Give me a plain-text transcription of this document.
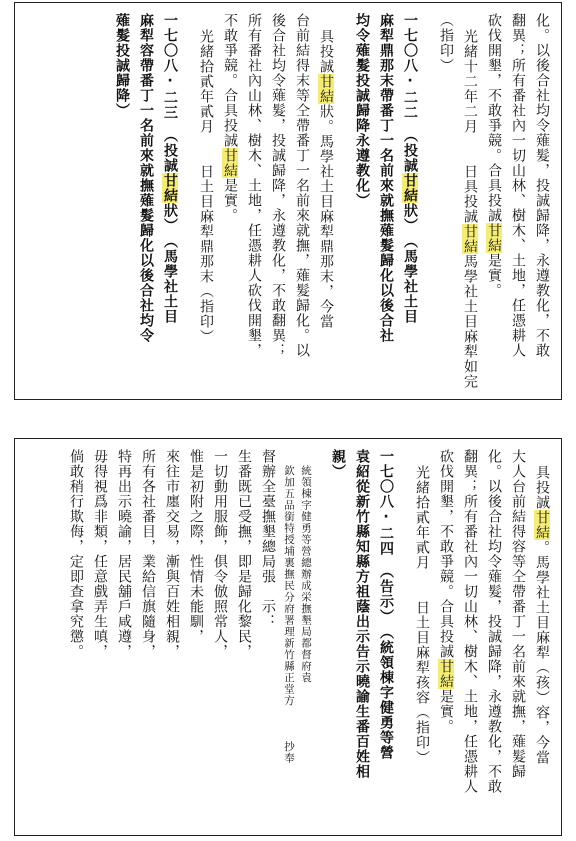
化。以後合社均令薙髮，投誠歸降，永遵教化，不敢
翻異；所有番社內一切山林、樹木、土地，任憑耕人
砍伐開墾，不敢爭競。合具投誠甘結是實。
光緒十二年二月　　日具投誠甘結馬學社土目麻犁如完
（指印）
一七〇八‧二二　（投誠甘結狀）　（馬學社土目
麻犁鼎那末帶番丁一名前來就撫薙髮歸化以後合社
均令薙髮投誠歸降永遵教化）
具投誠甘結狀。馬學社土目麻犁鼎那末，今當
台前結得末等仝帶番丁一名前來就撫，薙髮歸化。以
後合社均令薙髮，投誠歸降，永遵教化，不敢翻異；
所有番社內山林、樹木、土地，任憑耕人砍伐開墾，
不敢爭競。合具投誠甘結是實。
光緒拾貳年貳月　　日土目麻犁鼎那末（指印）
一七〇八‧二三　（投誠甘結狀）　（馬學社土目
麻犁容帶番丁一名前來就撫薙髮歸化以後合社均令
薙髮投誠歸降）
具投誠甘結。馬學社土目麻犁（孩）容，今當
大人台前結得容等仝帶番丁一名前來就撫，薙髮歸
化。以後合社均令薙髮，投誠歸降，永遵教化，不敢
翻異；所有番社內一切山林、樹木、土地，任憑耕人
砍伐開墾，不敢爭競。合具投誠甘結是實。
光緒拾貳年貳月　　日土目麻犁孩容（指印）
一七〇八‧二四　（告示）　（統領棟字健勇等營
袁紹從新竹縣知縣方祖蔭出示告示曉諭生番百姓相
親）
統領棟字健勇等營總辦成栄撫墾局都督府袁
欽加五品銜特授埔裏撫民分府署理新竹縣正堂方　　　抄奉
督辦全臺撫墾總局張　示：
生番既已受撫，即是歸化黎民，
一切動用服飾，俱令倣照常人，
惟是初附之際，性情未能馴，
來往市廛交易，漸與百姓相親，
所有各社番目，業給信旗隨身，
特再出示曉諭，居民舖戶咸遵，
毋得視爲非類，任意戲弄生嗔，
倘敢稍行欺侮，定即查拿究懲。
